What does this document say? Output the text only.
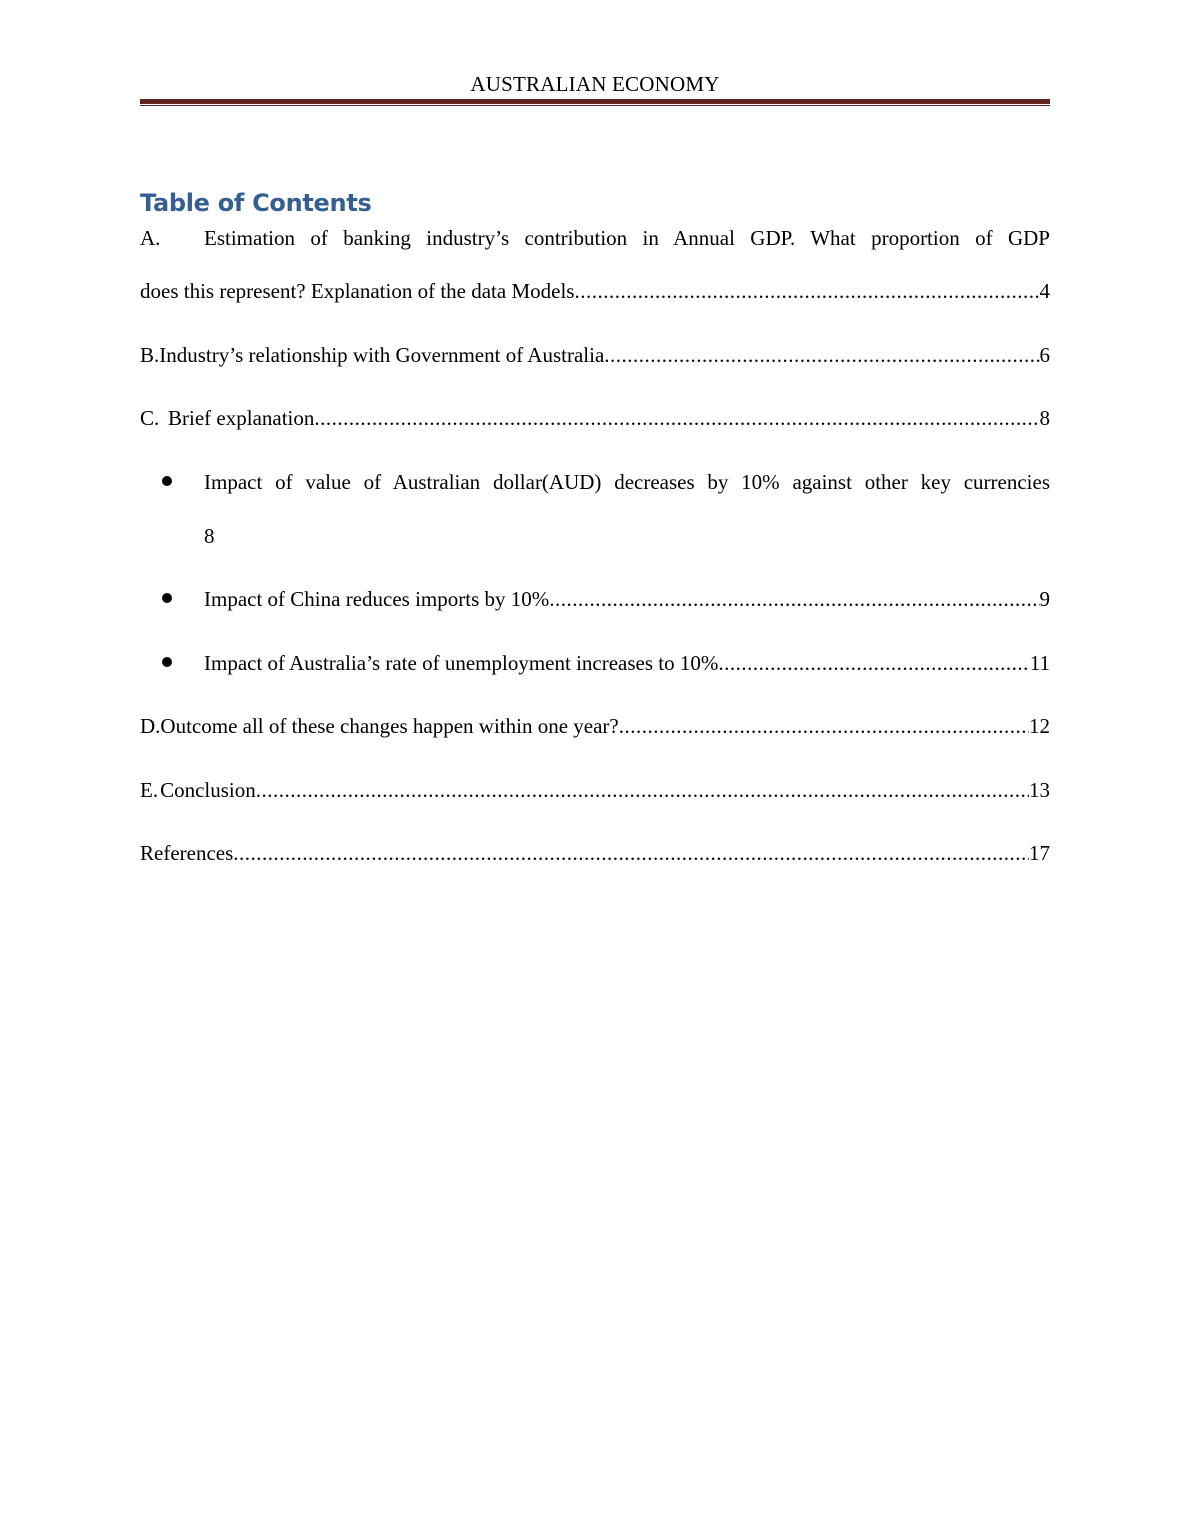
AUSTRALIAN ECONOMY
Table of Contents
A.	Estimation of banking industry’s contribution in Annual GDP. What proportion of GDP
does this represent? Explanation of the data Models .....	4
B. Industry’s relationship with Government of Australia .....	6
C. Brief explanation .....	8
Impact of value of Australian dollar(AUD) decreases by 10% against other key currencies
8
Impact of China reduces imports by 10% .....	9
Impact of Australia’s rate of unemployment increases to 10% .....	11
D. Outcome all of these changes happen within one year? .....	12
E. Conclusion .....	13
References .....	17
